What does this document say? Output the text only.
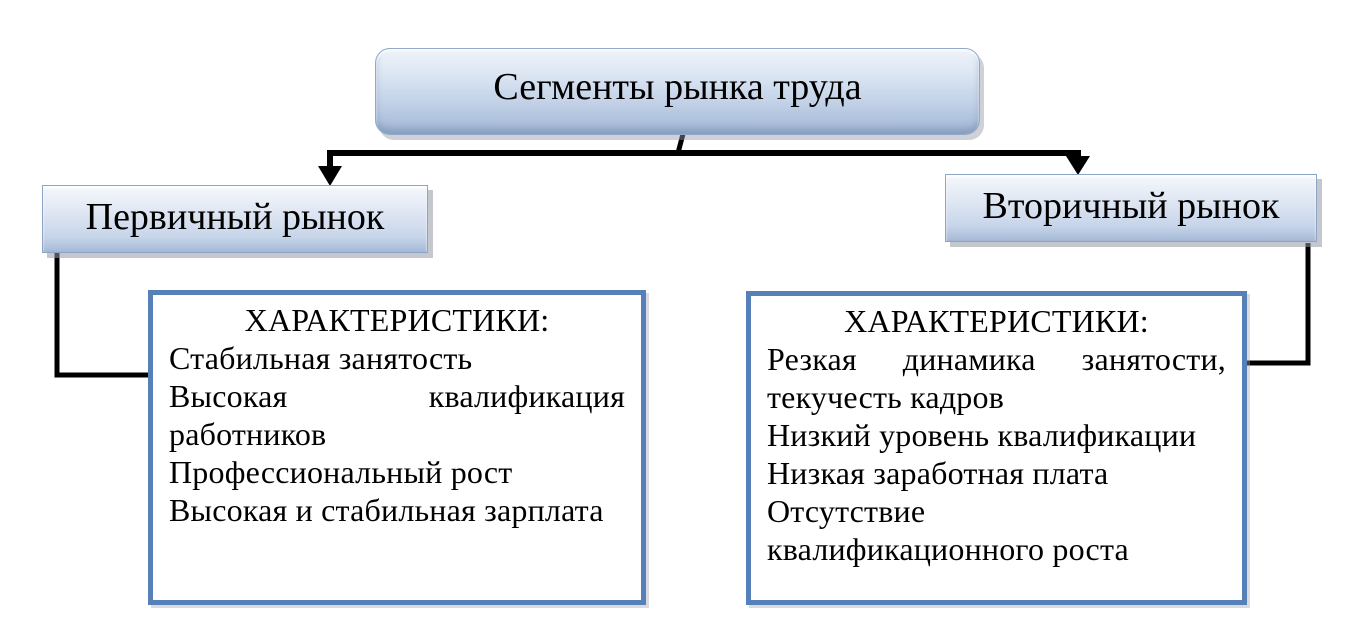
Сегменты рынка труда
Первичный рынок	Вторичный рынок
ХАРАКТЕРИСТИКИ:
Стабильная занятость
Высокая квалификация
работников
Профессиональный рост
Высокая и стабильная зарплата
ХАРАКТЕРИСТИКИ:
Резкая динамика занятости,
текучесть кадров
Низкий уровень квалификации
Низкая заработная плата
Отсутствие
квалификационного роста
